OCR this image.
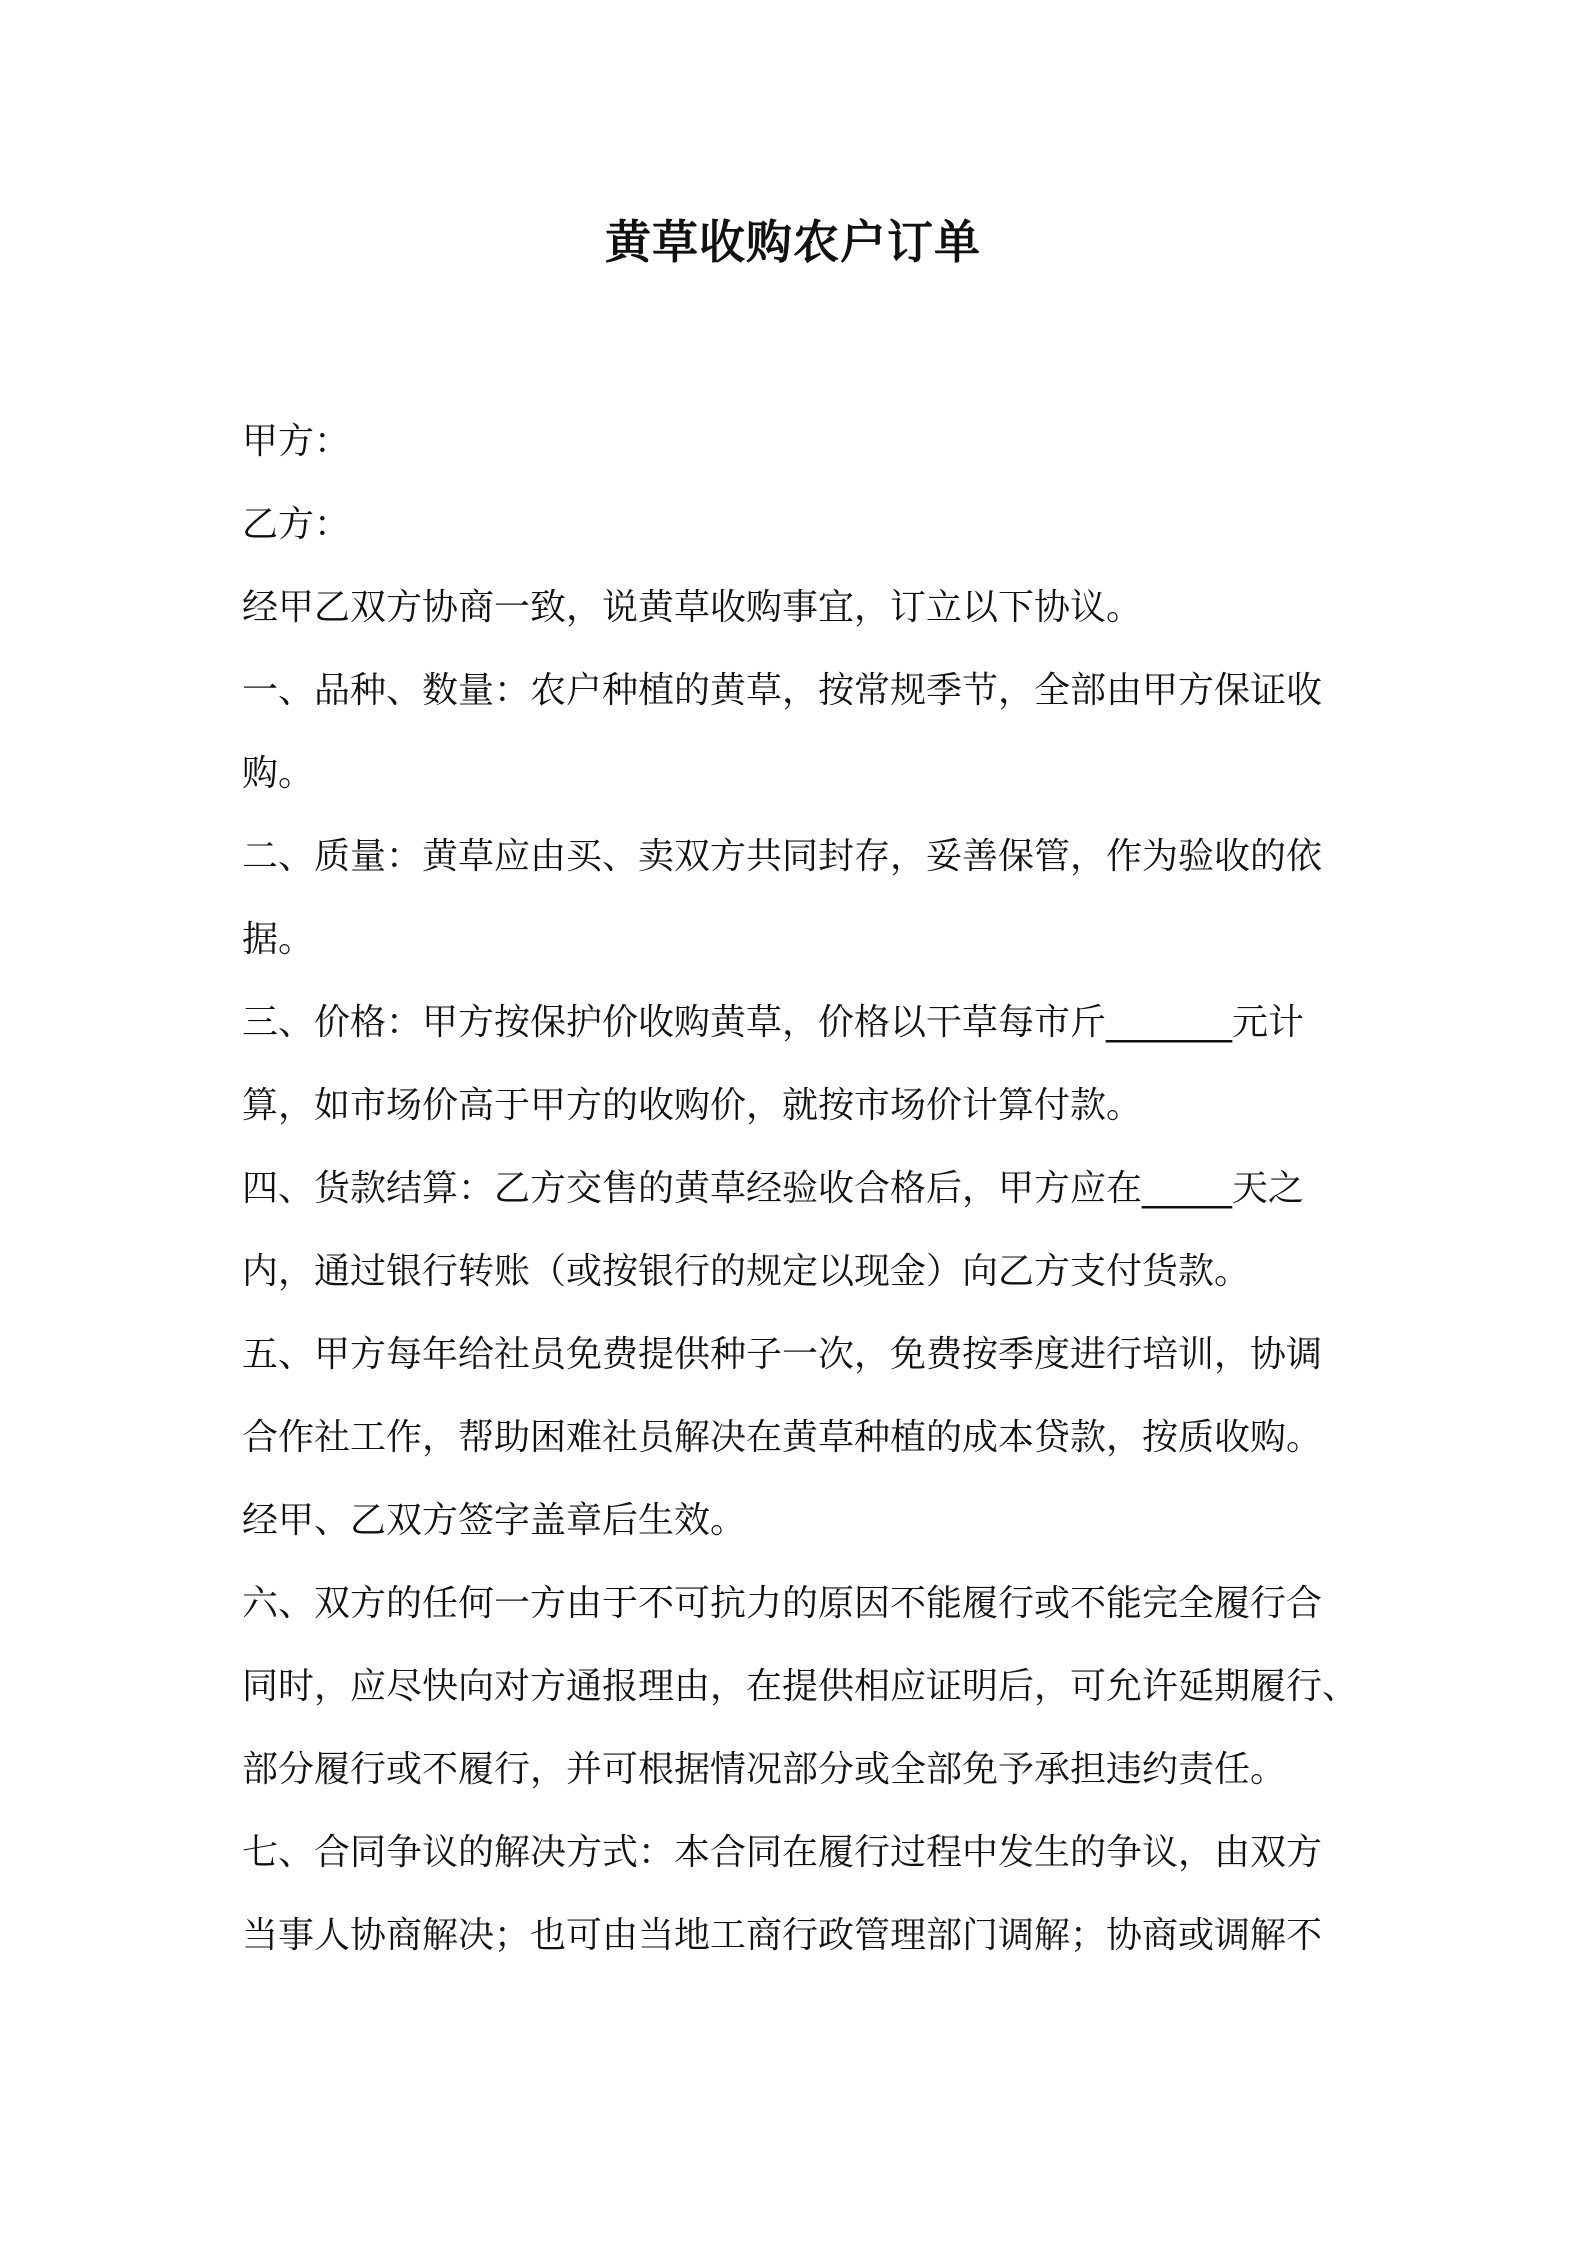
黄草收购农户订单
甲方：
乙方：
经甲乙双方协商一致，说黄草收购事宜，订立以下协议。
一、品种、数量：农户种植的黄草，按常规季节，全部由甲方保证收
购。
二、质量：黄草应由买、卖双方共同封存，妥善保管，作为验收的依
据。
三、价格：甲方按保护价收购黄草，价格以干草每市斤_______元计
算，如市场价高于甲方的收购价，就按市场价计算付款。
四、货款结算：乙方交售的黄草经验收合格后，甲方应在_____天之
内，通过银行转账（或按银行的规定以现金）向乙方支付货款。
五、甲方每年给社员免费提供种子一次，免费按季度进行培训，协调
合作社工作，帮助困难社员解决在黄草种植的成本贷款，按质收购。
经甲、乙双方签字盖章后生效。
六、双方的任何一方由于不可抗力的原因不能履行或不能完全履行合
同时，应尽快向对方通报理由，在提供相应证明后，可允许延期履行、
部分履行或不履行，并可根据情况部分或全部免予承担违约责任。
七、合同争议的解决方式：本合同在履行过程中发生的争议，由双方
当事人协商解决；也可由当地工商行政管理部门调解；协商或调解不
